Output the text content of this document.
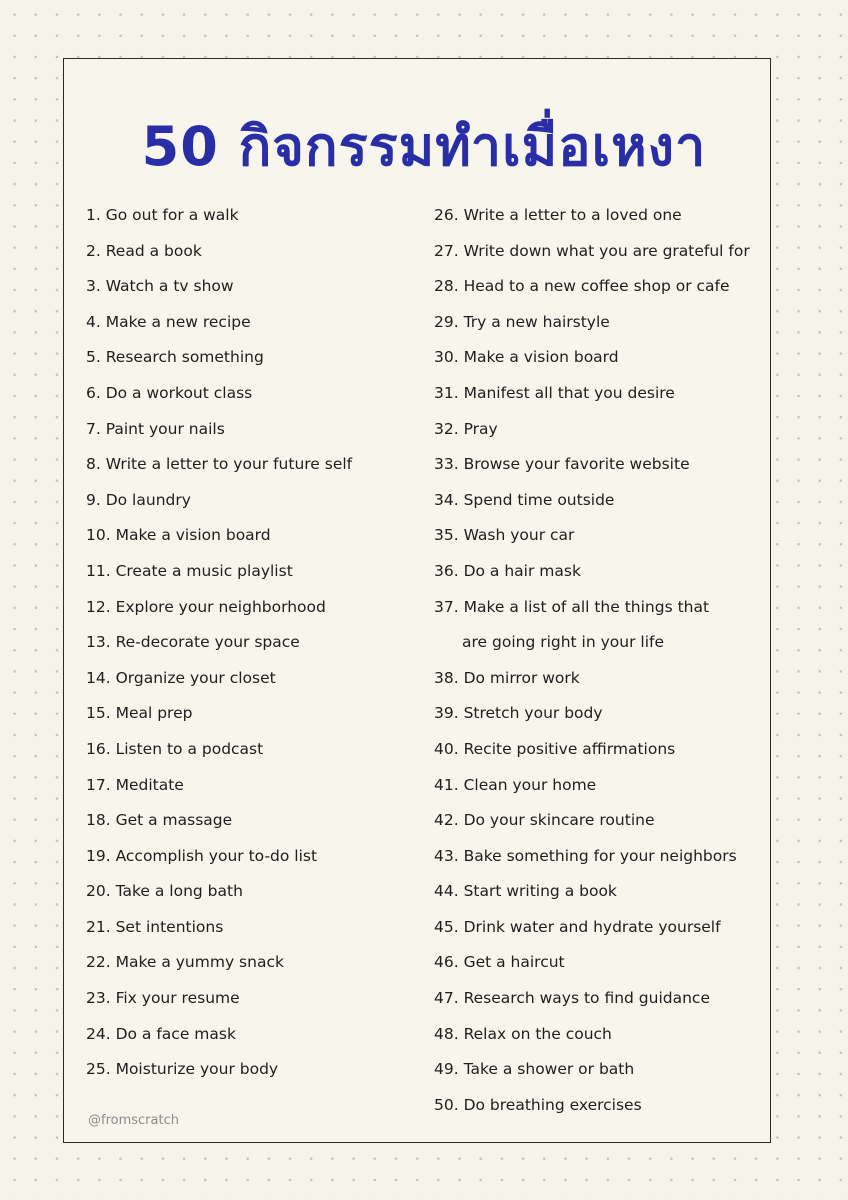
50 กิจกรรมทำเมื่อเหงา
1. Go out for a walk
2. Read a book
3. Watch a tv show
4. Make a new recipe
5. Research something
6. Do a workout class
7. Paint your nails
8. Write a letter to your future self
9. Do laundry
10. Make a vision board
11. Create a music playlist
12. Explore your neighborhood
13. Re-decorate your space
14. Organize your closet
15. Meal prep
16. Listen to a podcast
17. Meditate
18. Get a massage
19. Accomplish your to-do list
20. Take a long bath
21. Set intentions
22. Make a yummy snack
23. Fix your resume
24. Do a face mask
25. Moisturize your body
26. Write a letter to a loved one
27. Write down what you are grateful for
28. Head to a new coffee shop or cafe
29. Try a new hairstyle
30. Make a vision board
31. Manifest all that you desire
32. Pray
33. Browse your favorite website
34. Spend time outside
35. Wash your car
36. Do a hair mask
37. Make a list of all the things that
are going right in your life
38. Do mirror work
39. Stretch your body
40. Recite positive affirmations
41. Clean your home
42. Do your skincare routine
43. Bake something for your neighbors
44. Start writing a book
45. Drink water and hydrate yourself
46. Get a haircut
47. Research ways to find guidance
48. Relax on the couch
49. Take a shower or bath
50. Do breathing exercises
@fromscratch
